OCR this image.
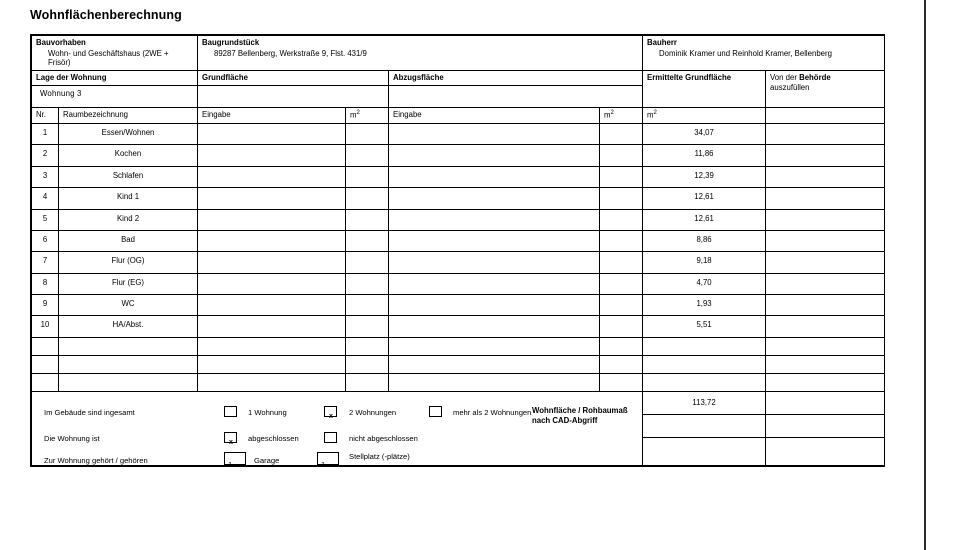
Wohnflächenberechnung
Bauvorhaben
Wohn- und Geschäftshaus (2WE + Frisör)

Baugrundstück
89287 Bellenberg, Werkstraße 9, Flst. 431/9

Bauherr
Dominik Kramer und Reinhold Kramer, Bellenberg

Lage der Wohnung	Grundfläche	Abzugsfläche	Ermittelte Grundfläche	Von der Behörde
auszufüllen
Wohnung 3		
Nr.	Raumbezeichnung	Eingabe	$m^2$	Eingabe	$m^2$	$m^2$	
1	Essen/Wohnen					34,07	
2	Kochen					11,86	
3	Schlafen					12,39	
4	Kind 1					12,61	
5	Kind 2					12,61	
6	Bad					8,86	
7	Flur (OG)					9,18	
8	Flur (EG)					4,70	
9	WC					1,93	
10	HA/Abst.					5,51	

Im Gebäude sind ingesamt	1 Wohnung	x 2 Wohnungen	mehr als 2 Wohnungen
Die Wohnung ist	x abgeschlossen	nicht abgeschlossen
Zur Wohnung gehört / gehören	1	Garage	1
Stellplatz (-plätze)
Wohnfläche / Rohbaumaß
nach CAD-Abgriff

113,72
